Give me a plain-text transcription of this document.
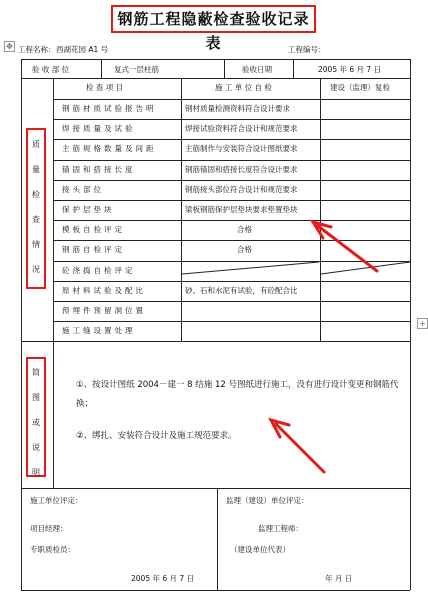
钢筋工程隐蔽检查验收记录表
✥
+
工程名称： 西湖花园 A1 号	工程编号：
验 收 部 位	复式一层柱筋	验收日期	2005 年 6 月 7 日
检 查 项 目	施 工 单 位 自 检	建设（监理）复检
质
量
检
查
情
况
钢筋材质试验报告明	钢材质量检测资料符合设计要求
焊接质量及试验	焊接试验资料符合设计和规范要求
主筋规格数量及间距	主筋制作与安装符合设计图纸要求
锚固和搭接长度	钢筋锚固和搭接长度符合设计要求
接头部位	钢筋接头部位符合设计和规范要求
保护层垫块	梁板钢筋保护层垫块要求垫置垫块
模板自检评定	合格
钢筋自检评定	合格
砼浇捣自检评定
原材料试验及配比	砂、石和水泥有试验，有砼配合比
预埋件预留洞位置
施工缝设置处理
简
图
或
说
明
①、按设计图纸 2004－建一 8 结施 12 号图纸进行施工，没有进行设计变更和钢筋代换；
②、绑扎、安装符合设计及施工规范要求。
施工单位评定：
项目经理：
专职质检员：
2005 年 6 月 7 日
监理（建设）单位评定：
监理工程师：
（建设单位代表）
年 月 日
